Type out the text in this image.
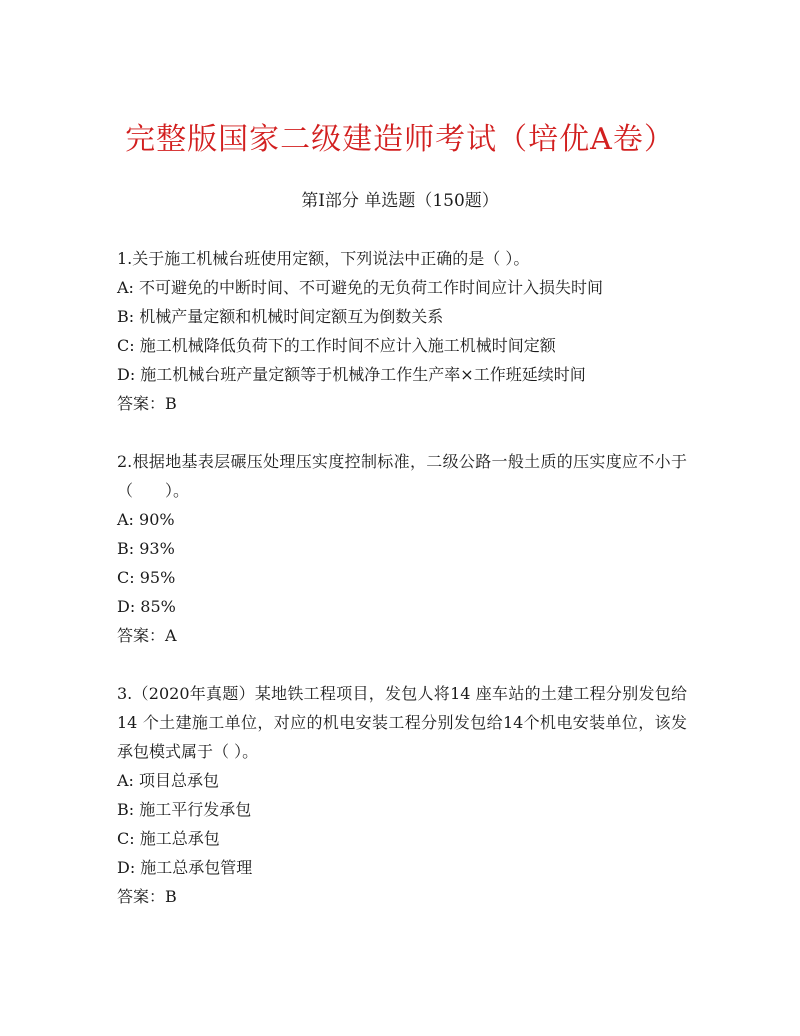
完整版国家二级建造师考试（培优A卷）
第I部分 单选题（150题）

1.关于施工机械台班使用定额，下列说法中正确的是（ ）。

A: 不可避免的中断时间、不可避免的无负荷工作时间应计入损失时间

B: 机械产量定额和机械时间定额互为倒数关系

C: 施工机械降低负荷下的工作时间不应计入施工机械时间定额

D: 施工机械台班产量定额等于机械净工作生产率×工作班延续时间

答案：B

2.根据地基表层碾压处理压实度控制标准，二级公路一般土质的压实度应不小于（　　）。

A: 90%

B: 93%

C: 95%

D: 85%

答案：A

3.（2020年真题）某地铁工程项目，发包人将14 座车站的土建工程分别发包给14 个土建施工单位，对应的机电安装工程分别发包给14个机电安装单位，该发承包模式属于（ ）。

A: 项目总承包

B: 施工平行发承包

C: 施工总承包

D: 施工总承包管理

答案：B
